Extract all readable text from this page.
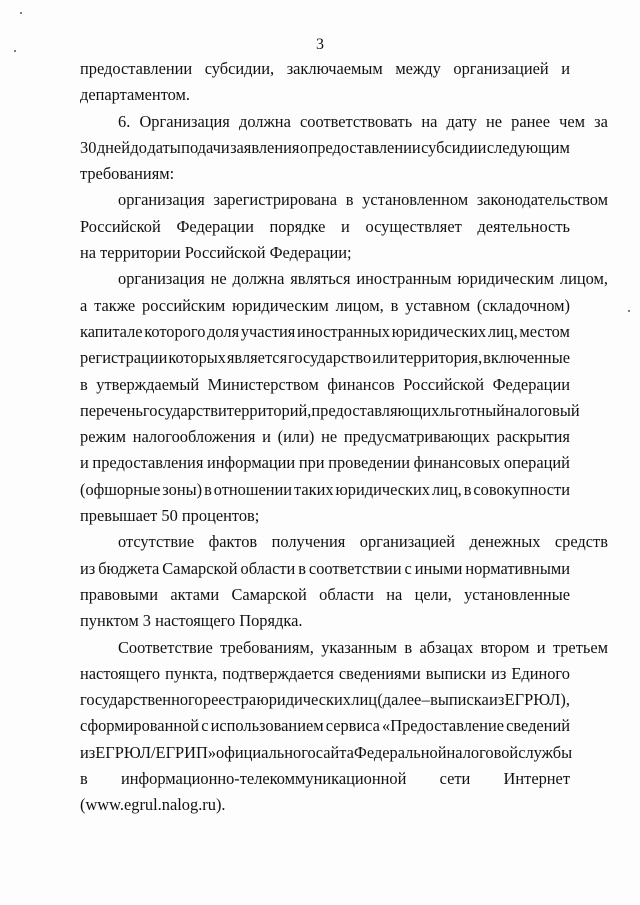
3
предоставлении субсидии, заключаемым между организацией и
департаментом.
6. Организация должна соответствовать на дату не ранее чем за
30 дней до даты подачи заявления о предоставлении субсидии следующим
требованиям:
организация зарегистрирована в установленном законодательством
Российской Федерации порядке и осуществляет деятельность
на территории Российской Федерации;
организация не должна являться иностранным юридическим лицом,
а также российским юридическим лицом, в уставном (складочном)
капитале которого доля участия иностранных юридических лиц, местом
регистрации которых является государство или территория, включенные
в утверждаемый Министерством финансов Российской Федерации
перечень государств и территорий, предоставляющих льготный налоговый
режим налогообложения и (или) не предусматривающих раскрытия
и предоставления информации при проведении финансовых операций
(офшорные зоны) в отношении таких юридических лиц, в совокупности
превышает 50 процентов;
отсутствие фактов получения организацией денежных средств
из бюджета Самарской области в соответствии с иными нормативными
правовыми актами Самарской области на цели, установленные
пунктом 3 настоящего Порядка.
Соответствие требованиям, указанным в абзацах втором и третьем
настоящего пункта, подтверждается сведениями выписки из Единого
государственного реестра юридических лиц (далее – выписка из ЕГРЮЛ),
сформированной с использованием сервиса «Предоставление сведений
из ЕГРЮЛ/ЕГРИП» официального сайта Федеральной налоговой службы
в информационно-телекоммуникационной сети Интернет
(www.egrul.nalog.ru).
